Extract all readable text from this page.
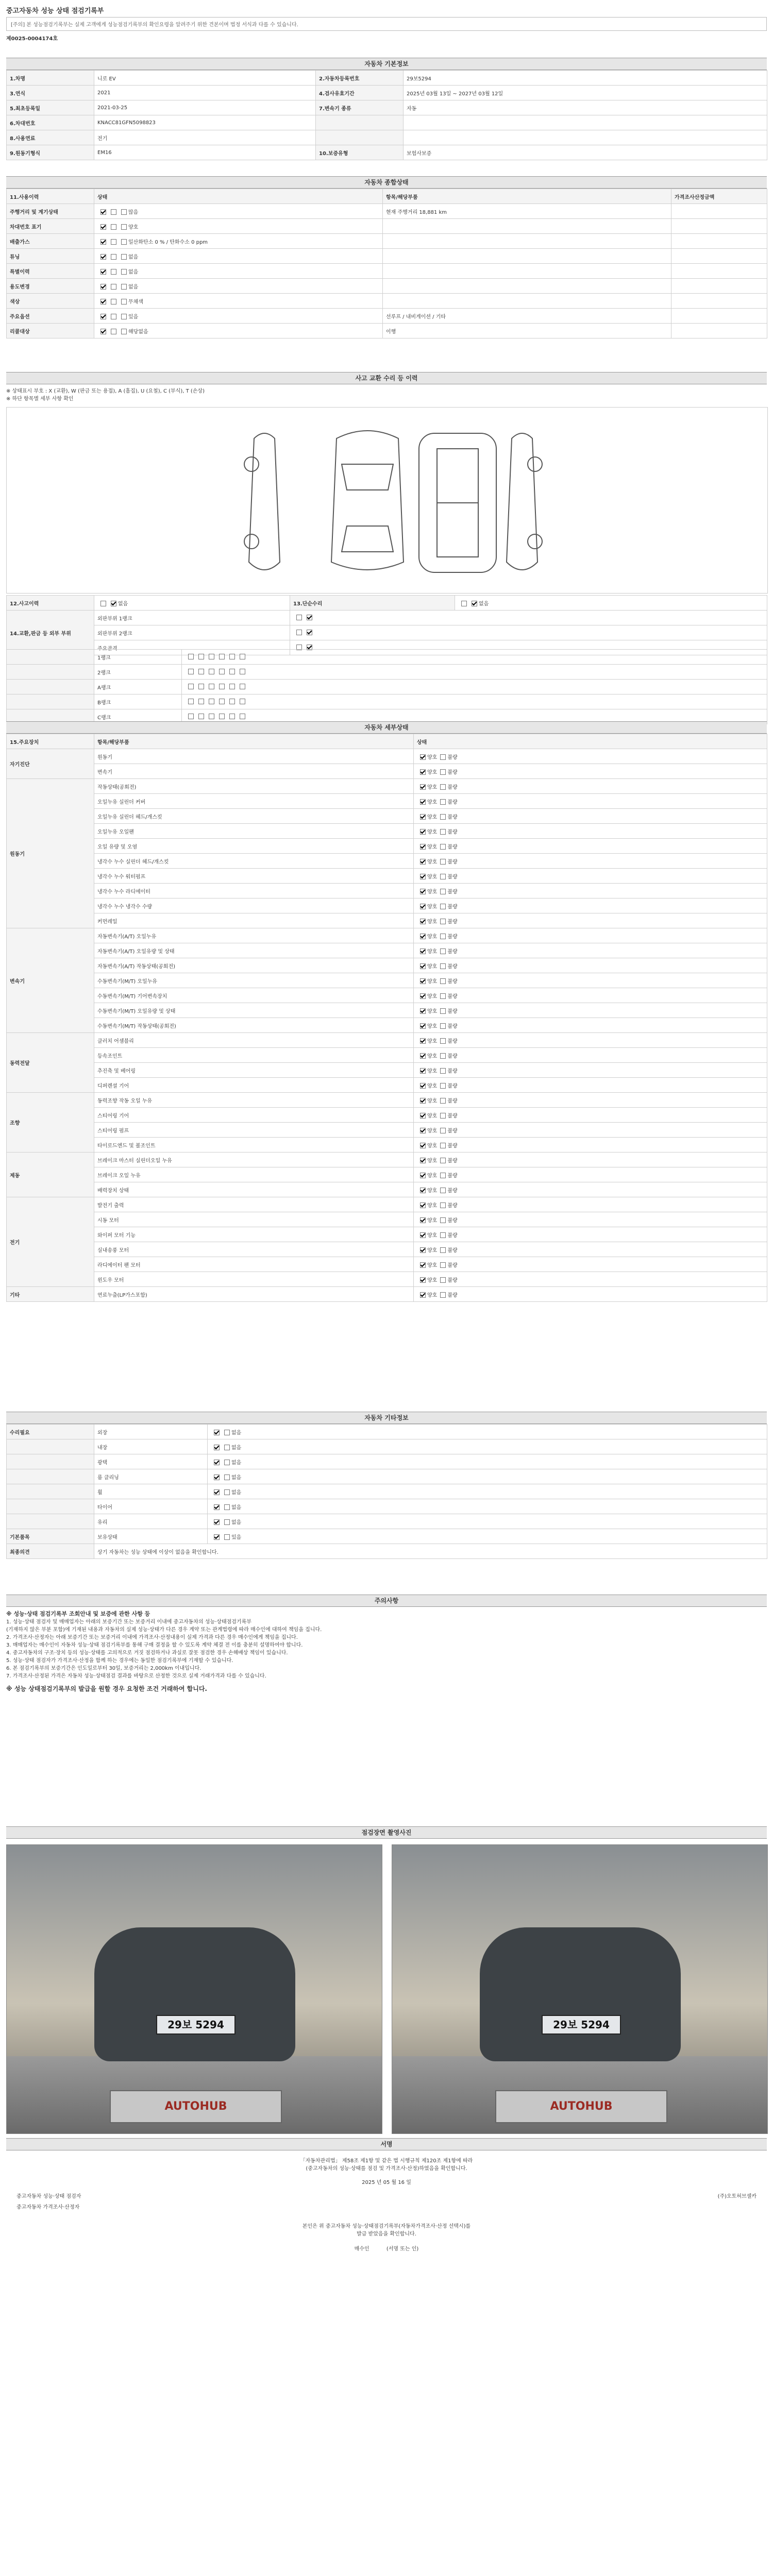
중고자동차 성능 상태 점검기록부
[주의] 본 성능점검기록부는 실제 고객에게 성능점검기록부의 확인요령을 알려주기 위한 견본이며 법정 서식과 다를 수 있습니다.
제0025-0004174호
자동차 기본정보
1.차명	니로 EV	2.자동차등록번호	29보5294
3.연식	2021	4.검사유효기간	2025년 03월 13일 ~ 2027년 03월 12일
5.최초등록일	2021-03-25	7.변속기 종류	자동
6.차대번호	KNACC81GFN5098823		
8.사용연료	전기		
9.원동기형식	EM16	10.보증유형	보험사보증
자동차 종합상태
11.사용이력	상태	항목/해당부품	가격조사산정금액
주행거리 및 계기상태	많음	현재 주행거리 18,881 km	
차대번호 표기	양호		
배출가스	일산화탄소 0 % / 탄화수소 0 ppm		
튜닝	없음		
특별이력	없음		
용도변경	없음		
색상	무채색		
주요옵션	있음	선루프 / 내비게이션 / 기타	
리콜대상	해당없음	이행	
사고 교환 수리 등 이력
※ 상태표시 부호 : X (교환), W (판금 또는 용접), A (흠집), U (요철), C (부식), T (손상)
※ 하단 항목별 세부 사항 확인
12.사고이력	없음	13.단순수리	없음
14.교환,판금 등 외부 부위	외판부위 1랭크		
	외판부위 2랭크		
	주요골격		
	1랭크	
	2랭크	
	A랭크	
	B랭크	
	C랭크	
자동차 세부상태
15.주요장치	항목/해당부품	상태
자기진단	원동기	양호 불량
	변속기	양호 불량
원동기	작동상태(공회전)	양호 불량
	오일누유 실린더 커버	양호 불량
	오일누유 실린더 헤드/개스킷	양호 불량
	오일누유 오일팬	양호 불량
	오일 유량 및 오염	양호 불량
	냉각수 누수 실린더 헤드/개스킷	양호 불량
	냉각수 누수 워터펌프	양호 불량
	냉각수 누수 라디에이터	양호 불량
	냉각수 누수 냉각수 수량	양호 불량
	커먼레일	양호 불량
변속기	자동변속기(A/T) 오일누유	양호 불량
	자동변속기(A/T) 오일유량 및 상태	양호 불량
	자동변속기(A/T) 작동상태(공회전)	양호 불량
	수동변속기(M/T) 오일누유	양호 불량
	수동변속기(M/T) 기어변속장치	양호 불량
	수동변속기(M/T) 오일유량 및 상태	양호 불량
	수동변속기(M/T) 작동상태(공회전)	양호 불량
동력전달	클러치 어셈블리	양호 불량
	등속조인트	양호 불량
	추진축 및 베어링	양호 불량
	디퍼렌셜 기어	양호 불량
조향	동력조향 작동 오일 누유	양호 불량
	스티어링 기어	양호 불량
	스티어링 펌프	양호 불량
	타이로드엔드 및 볼조인트	양호 불량
제동	브레이크 마스터 실린더오일 누유	양호 불량
	브레이크 오일 누유	양호 불량
	배력장치 상태	양호 불량
전기	발전기 출력	양호 불량
	시동 모터	양호 불량
	와이퍼 모터 기능	양호 불량
	실내송풍 모터	양호 불량
	라디에이터 팬 모터	양호 불량
	윈도우 모터	양호 불량
기타	연료누출(LP가스포함)	양호 불량
자동차 기타정보
수리필요	외장	없음
	내장	없음
	광택	없음
	룸 클리닝	없음
	휠	없음
	타이어	없음
	유리	없음
기본품목	보유상태	있음
최종의견	상기 자동차는 성능 상태에 이상이 없음을 확인합니다.	
주의사항
※ 성능·상태 점검기록부 조회안내 및 보증에 관한 사항 등
1. 성능·상태 점검자 및 매매업자는 아래의 보증기간 또는 보증거리 이내에 중고자동차의 성능·상태점검기록부
(기재하지 않은 부분 포함)에 기재된 내용과 자동차의 실제 성능·상태가 다른 경우 계약 또는 관계법령에 따라 매수인에 대하여 책임을 집니다.
2. 가격조사·산정자는 아래 보증기간 또는 보증거리 이내에 가격조사·산정내용이 실제 가격과 다른 경우 매수인에게 책임을 집니다.
3. 매매업자는 매수인이 자동차 성능·상태 점검기록부를 통해 구매 결정을 할 수 있도록 계약 체결 전 이를 충분히 설명하여야 합니다.
4. 중고자동차의 구조·장치 등의 성능·상태를 고의적으로 거짓 점검하거나 과실로 잘못 점검한 경우 손해배상 책임이 있습니다.
5. 성능·상태 점검자가 가격조사·산정을 함께 하는 경우에는 동일한 점검기록부에 기재할 수 있습니다.
6. 본 점검기록부의 보증기간은 인도일로부터 30일, 보증거리는 2,000km 이내입니다.
7. 가격조사·산정된 가격은 자동차 성능·상태점검 결과를 바탕으로 산정한 것으로 실제 거래가격과 다를 수 있습니다.
※ 성능 상태점검기록부의 발급을 원할 경우 요청한 조건 거래하여 합니다.
점검장면 촬영사진
29보 5294
AUTOHUB
29보 5294
AUTOHUB
서명
「자동차관리법」 제58조 제1항 및 같은 법 시행규칙 제120조 제1항에 따라
(중고자동차의 성능·상태를 점검 및 가격조사·산정)하였음을 확인합니다.
2025 년 05 월 16 일
중고자동차 성능·상태 점검자	(주)오토허브셀카
중고자동차 가격조사·산정자
본인은 위 중고자동차 성능·상태점검기록부(자동차가격조사·산정 선택시)를
발급 받았음을 확인합니다.
매수인	(서명 또는 인)
